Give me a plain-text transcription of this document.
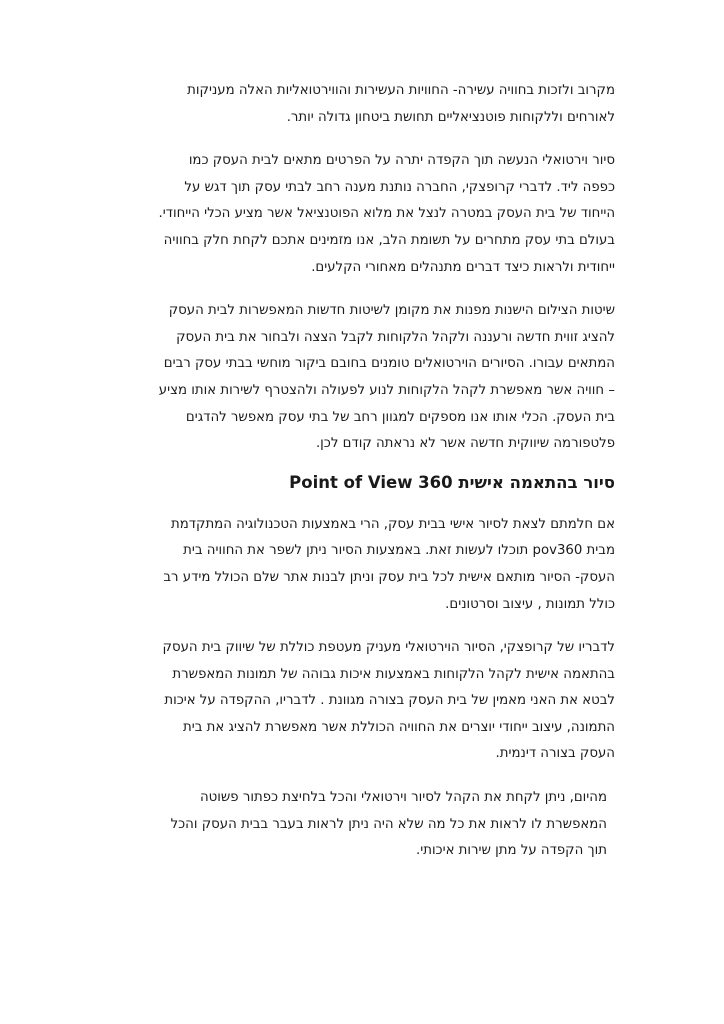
מקרוב ולזכות בחוויה עשירה- החוויות העשירות והווירטואליות האלה מעניקות
לאורחים וללקוחות פוטנציאליים תחושת ביטחון גדולה יותר.

סיור וירטואלי הנעשה תוך הקפדה יתרה על הפרטים מתאים לבית העסק כמו
כפפה ליד. לדברי קרופצקי, החברה נותנת מענה רחב לבתי עסק תוך דגש על
הייחוד של בית העסק במטרה לנצל את מלוא הפוטנציאל אשר מציע הכלי הייחודי.
בעולם בתי עסק מתחרים על תשומת הלב, אנו מזמינים אתכם לקחת חלק בחוויה
ייחודית ולראות כיצד דברים מתנהלים מאחורי הקלעים.

שיטות הצילום הישנות מפנות את מקומן לשיטות חדשות המאפשרות לבית העסק
להציג זווית חדשה ורעננה ולקהל הלקוחות לקבל הצצה ולבחור את בית העסק
המתאים עבורו. הסיורים הוירטואלים טומנים בחובם ביקור מוחשי בבתי עסק רבים
– חוויה אשר מאפשרת לקהל הלקוחות לנוע לפעולה ולהצטרף לשירות אותו מציע
בית העסק. הכלי אותו אנו מספקים למגוון רחב של בתי עסק מאפשר להדגים
פלטפורמה שיווקית חדשה אשר לא נראתה קודם לכן.

סיור בהתאמה אישית Point of View 360

אם חלמתם לצאת לסיור אישי בבית עסק, הרי באמצעות הטכנולוגיה המתקדמת
מבית pov360 תוכלו לעשות זאת. באמצעות הסיור ניתן לשפר את החוויה בית
העסק- הסיור מותאם אישית לכל בית עסק וניתן לבנות אתר שלם הכולל מידע רב
כולל תמונות , עיצוב וסרטונים.

לדבריו של קרופצקי, הסיור הוירטואלי מעניק מעטפת כוללת של שיווק בית העסק
בהתאמה אישית לקהל הלקוחות באמצעות איכות גבוהה של תמונות המאפשרת
לבטא את האני מאמין של בית העסק בצורה מגוונת . לדבריו, ההקפדה על איכות
התמונה, עיצוב ייחודי יוצרים את החוויה הכוללת אשר מאפשרת להציג את בית
העסק בצורה דינמית.

מהיום, ניתן לקחת את הקהל לסיור וירטואלי והכל בלחיצת כפתור פשוטה
המאפשרת לו לראות את כל מה שלא היה ניתן לראות בעבר בבית העסק והכל
תוך הקפדה על מתן שירות איכותי.
